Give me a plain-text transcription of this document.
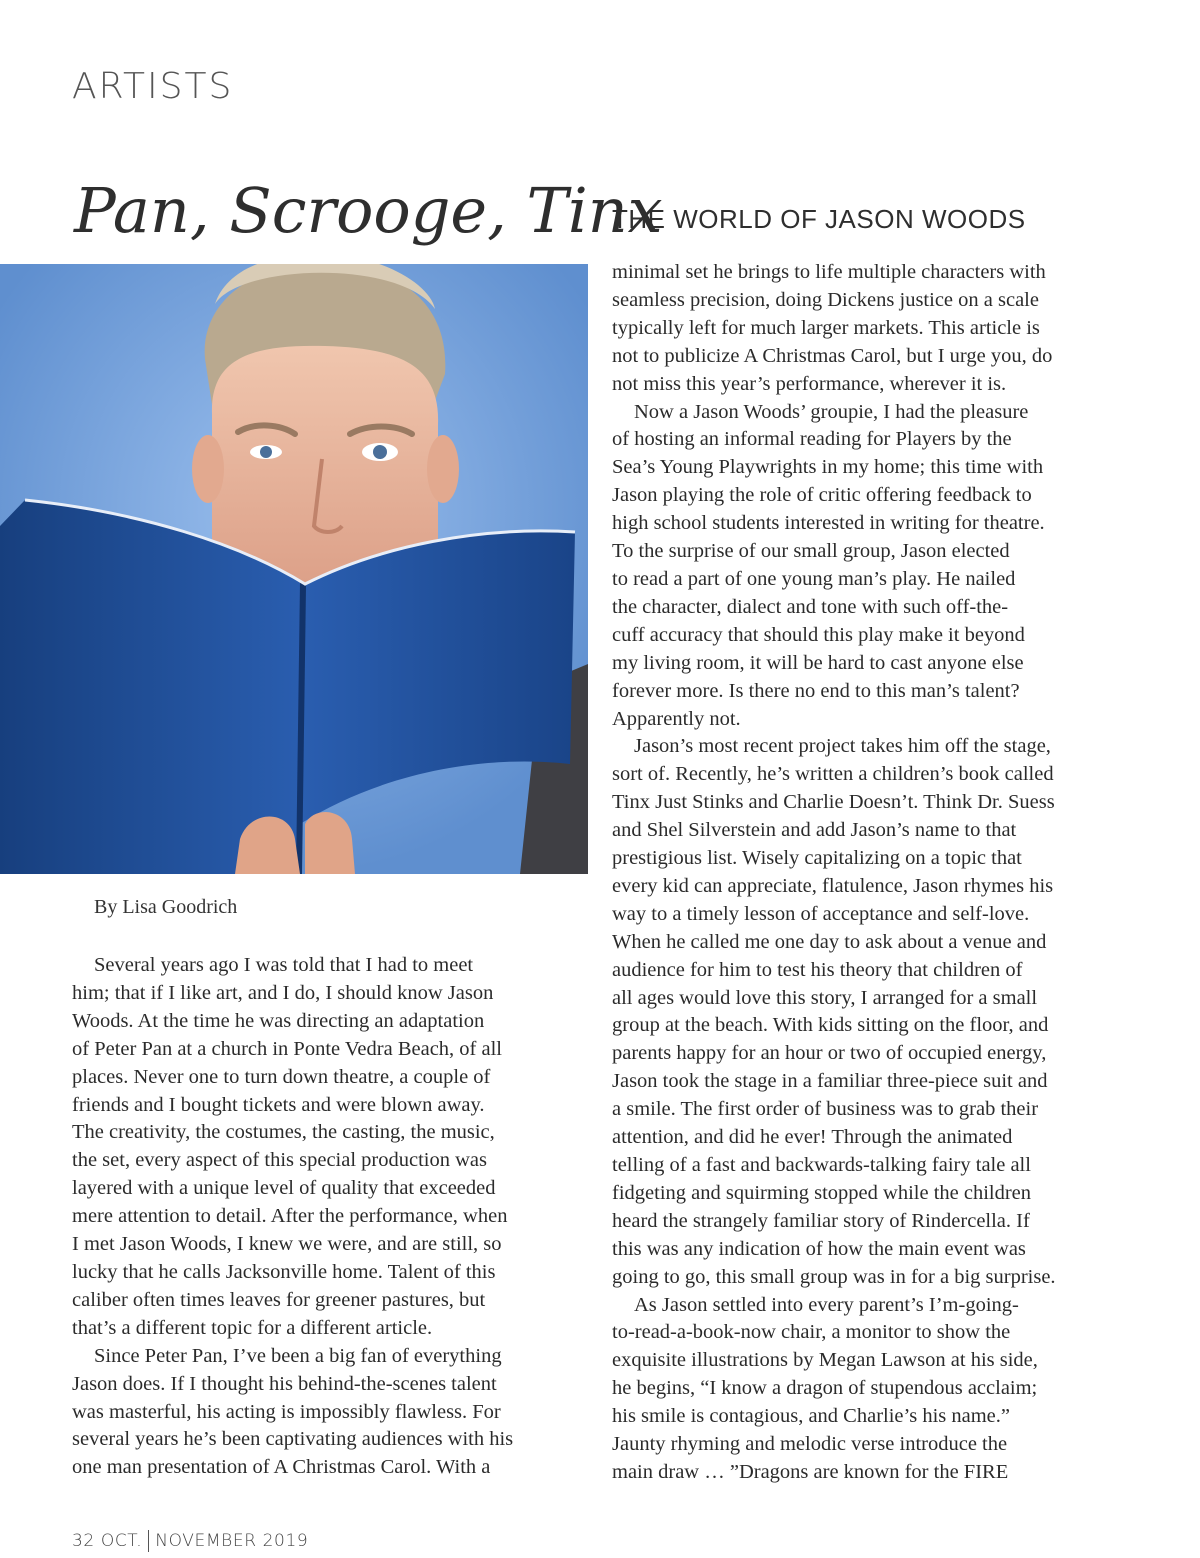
ARTISTS
Pan, Scrooge, Tinx
THE WORLD OF JASON WOODS
By Lisa Goodrich

Several years ago I was told that I had to meet
him; that if I like art, and I do, I should know Jason
Woods. At the time he was directing an adaptation
of Peter Pan at a church in Ponte Vedra Beach, of all
places. Never one to turn down theatre, a couple of
friends and I bought tickets and were blown away.
The creativity, the costumes, the casting, the music,
the set, every aspect of this special production was
layered with a unique level of quality that exceeded
mere attention to detail. After the performance, when
I met Jason Woods, I knew we were, and are still, so
lucky that he calls Jacksonville home. Talent of this
caliber often times leaves for greener pastures, but
that’s a different topic for a different article.

Since Peter Pan, I’ve been a big fan of everything
Jason does. If I thought his behind-the-scenes talent
was masterful, his acting is impossibly flawless. For
several years he’s been captivating audiences with his
one man presentation of A Christmas Carol. With a

minimal set he brings to life multiple characters with
seamless precision, doing Dickens justice on a scale
typically left for much larger markets. This article is
not to publicize A Christmas Carol, but I urge you, do
not miss this year’s performance, wherever it is.

Now a Jason Woods’ groupie, I had the pleasure
of hosting an informal reading for Players by the
Sea’s Young Playwrights in my home; this time with
Jason playing the role of critic offering feedback to
high school students interested in writing for theatre.
To the surprise of our small group, Jason elected
to read a part of one young man’s play. He nailed
the character, dialect and tone with such off-the-
cuff accuracy that should this play make it beyond
my living room, it will be hard to cast anyone else
forever more. Is there no end to this man’s talent?
Apparently not.

Jason’s most recent project takes him off the stage,
sort of. Recently, he’s written a children’s book called
Tinx Just Stinks and Charlie Doesn’t. Think Dr. Suess
and Shel Silverstein and add Jason’s name to that
prestigious list. Wisely capitalizing on a topic that
every kid can appreciate, flatulence, Jason rhymes his
way to a timely lesson of acceptance and self-love.
When he called me one day to ask about a venue and
audience for him to test his theory that children of
all ages would love this story, I arranged for a small
group at the beach. With kids sitting on the floor, and
parents happy for an hour or two of occupied energy,
Jason took the stage in a familiar three-piece suit and
a smile. The first order of business was to grab their
attention, and did he ever! Through the animated
telling of a fast and backwards-talking fairy tale all
fidgeting and squirming stopped while the children
heard the strangely familiar story of Rindercella. If
this was any indication of how the main event was
going to go, this small group was in for a big surprise.

As Jason settled into every parent’s I’m-going-
to-read-a-book-now chair, a monitor to show the
exquisite illustrations by Megan Lawson at his side,
he begins, “I know a dragon of stupendous acclaim;
his smile is contagious, and Charlie’s his name.”
Jaunty rhyming and melodic verse introduce the
main draw … ”Dragons are known for the FIRE

32 OCT. NOVEMBER 2019
